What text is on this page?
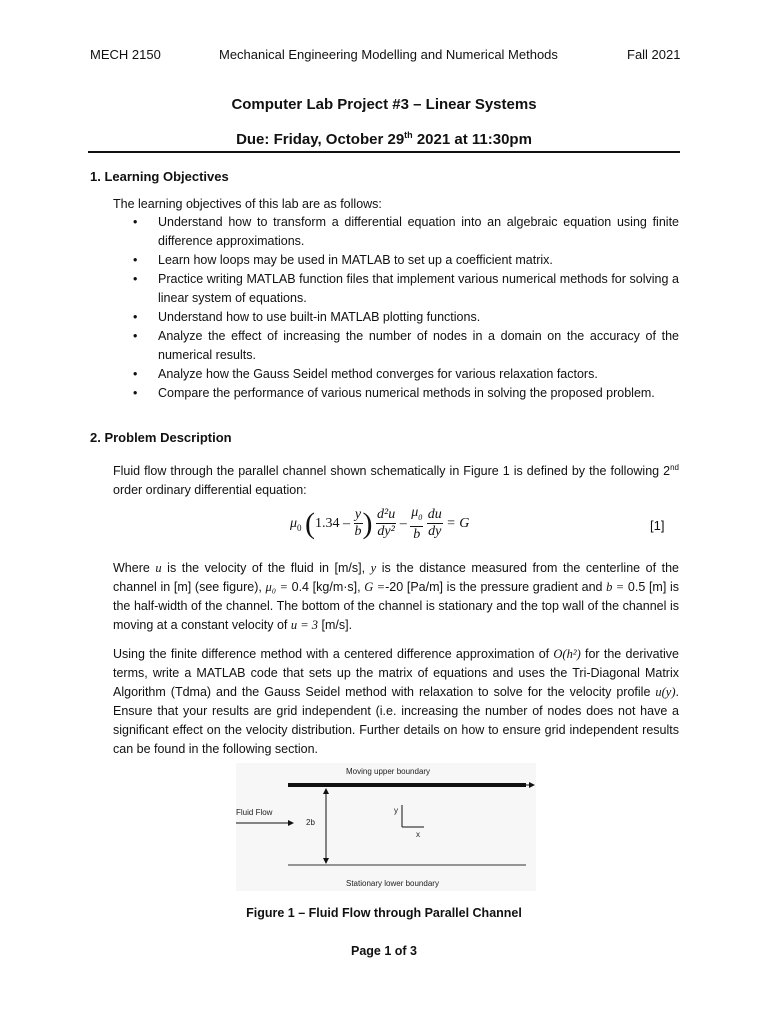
MECH 2150	Mechanical Engineering Modelling and Numerical Methods	Fall 2021
Computer Lab Project #3 – Linear Systems
Due: Friday, October 29th 2021 at 11:30pm
1. Learning Objectives
The learning objectives of this lab are as follows:
• Understand how to transform a differential equation into an algebraic equation using finite difference approximations.
• Learn how loops may be used in MATLAB to set up a coefficient matrix.
• Practice writing MATLAB function files that implement various numerical methods for solving a linear system of equations.
• Understand how to use built-in MATLAB plotting functions.
• Analyze the effect of increasing the number of nodes in a domain on the accuracy of the numerical results.
• Analyze how the Gauss Seidel method converges for various relaxation factors.
• Compare the performance of various numerical methods in solving the proposed problem.
2. Problem Description
Fluid flow through the parallel channel shown schematically in Figure 1 is defined by the following 2nd order ordinary differential equation:
$\mu_0$ ($1.34 - \frac{y}{b}$ ) $\frac{\text{d²u}}{\text{dy²}} - \frac{\mu_0}{b}$
$\frac{du}{dy} = G$	[1]
Where u is the velocity of the fluid in [m/s], y is the distance measured from the centerline of the channel in [m] (see figure), μ₀ = 0.4 [kg/m·s], G =-20 [Pa/m] is the pressure gradient and b = 0.5 [m] is the half-width of the channel. The bottom of the channel is stationary and the top wall of the channel is moving at a constant velocity of u = 3 [m/s].
Using the finite difference method with a centered difference approximation of O(h²) for the derivative terms, write a MATLAB code that sets up the matrix of equations and uses the Tri-Diagonal Matrix Algorithm (Tdma) and the Gauss Seidel method with relaxation to solve for the velocity profile u(y). Ensure that your results are grid independent (i.e. increasing the number of nodes does not have a significant effect on the velocity distribution. Further details on how to ensure grid independent results can be found in the following section.
Moving upper boundary
Fluid Flow
2b
y
x
Stationary lower boundary
Figure 1 – Fluid Flow through Parallel Channel
Page 1 of 3
